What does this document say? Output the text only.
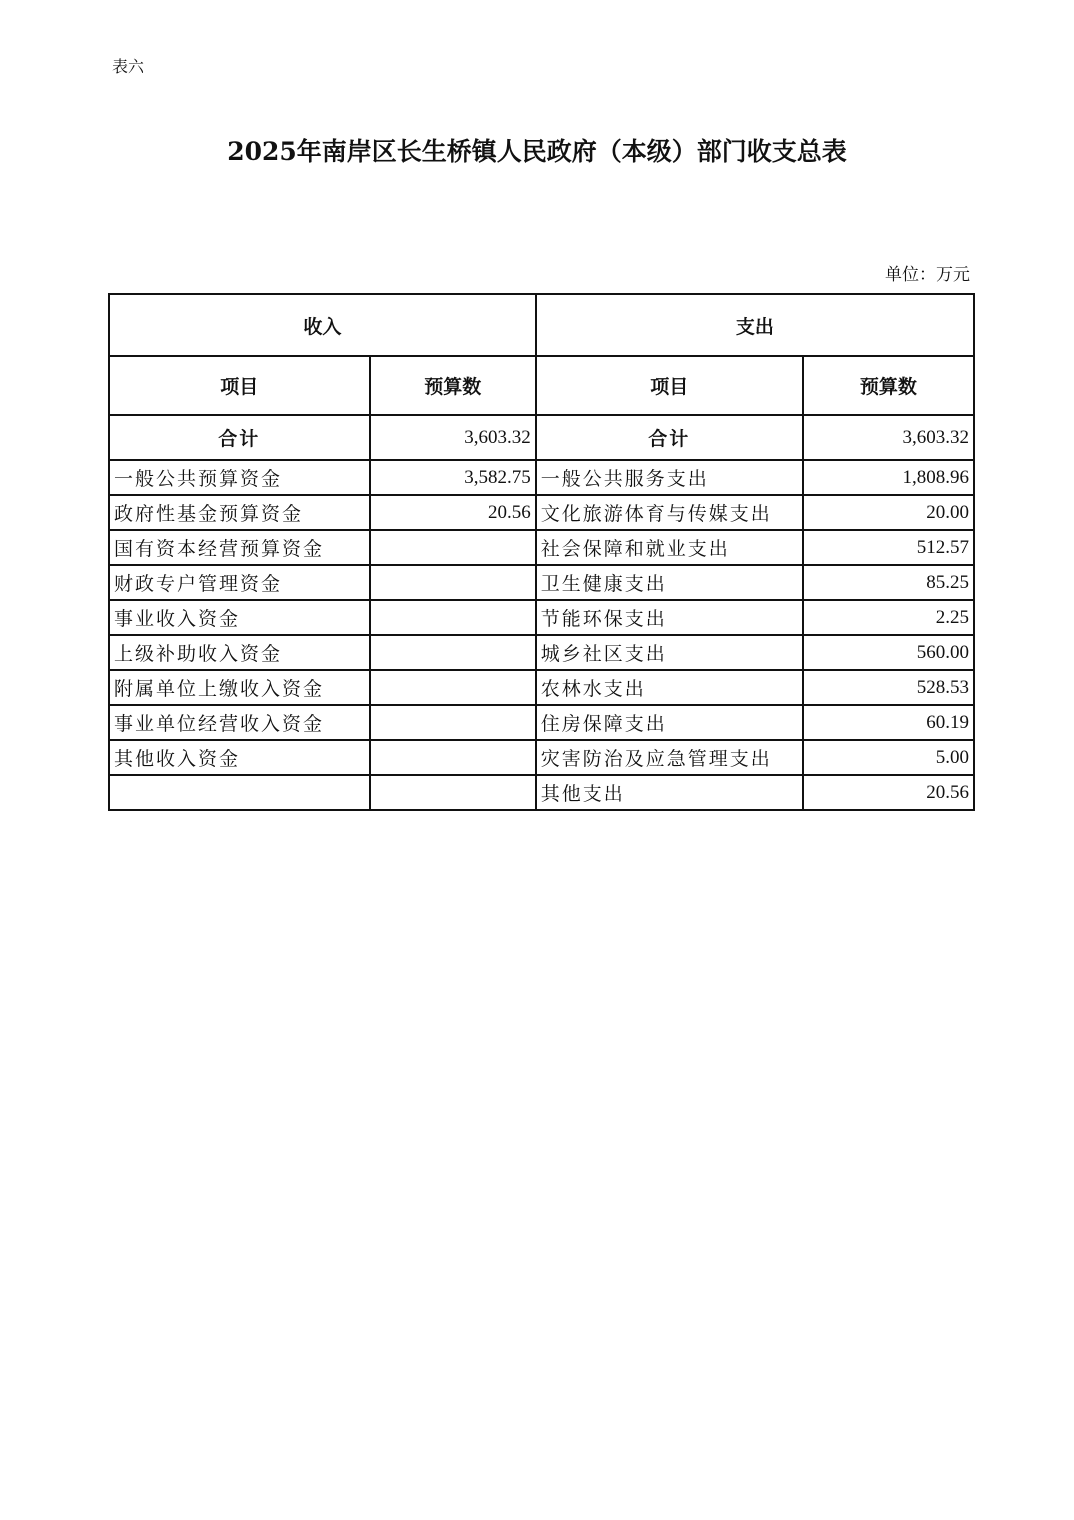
表六
2025年南岸区长生桥镇人民政府（本级）部门收支总表
单位：万元
收入		支出	
项目	预算数	项目	预算数
合计	3,603.32	合计	3,603.32
一般公共预算资金	3,582.75	一般公共服务支出	1,808.96
政府性基金预算资金	20.56	文化旅游体育与传媒支出	20.00
国有资本经营预算资金		社会保障和就业支出	512.57
财政专户管理资金		卫生健康支出	85.25
事业收入资金		节能环保支出	2.25
上级补助收入资金		城乡社区支出	560.00
附属单位上缴收入资金		农林水支出	528.53
事业单位经营收入资金		住房保障支出	60.19
其他收入资金		灾害防治及应急管理支出	5.00
		其他支出	20.56
